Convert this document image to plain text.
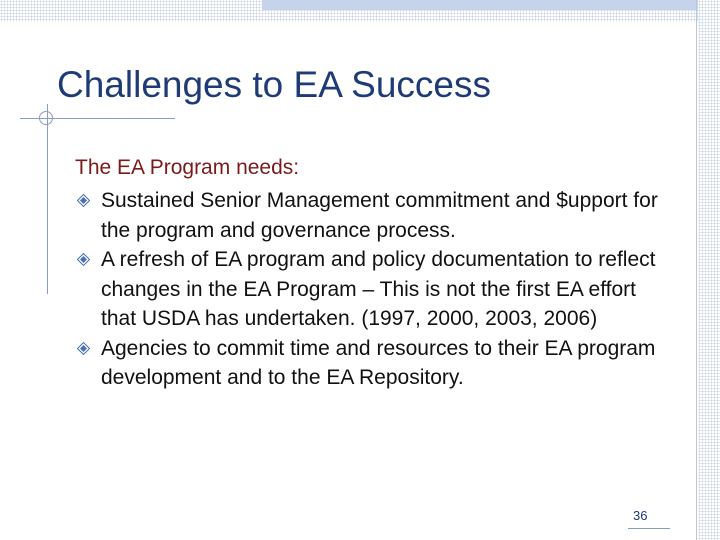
Challenges to EA Success
The EA Program needs:
Sustained Senior Management commitment and $upport for the program and governance process.
A refresh of EA program and policy documentation to reflect changes in the EA Program – This is not the first EA effort that USDA has undertaken. (1997, 2000, 2003, 2006)
Agencies to commit time and resources to their EA program development and to the EA Repository.
36
